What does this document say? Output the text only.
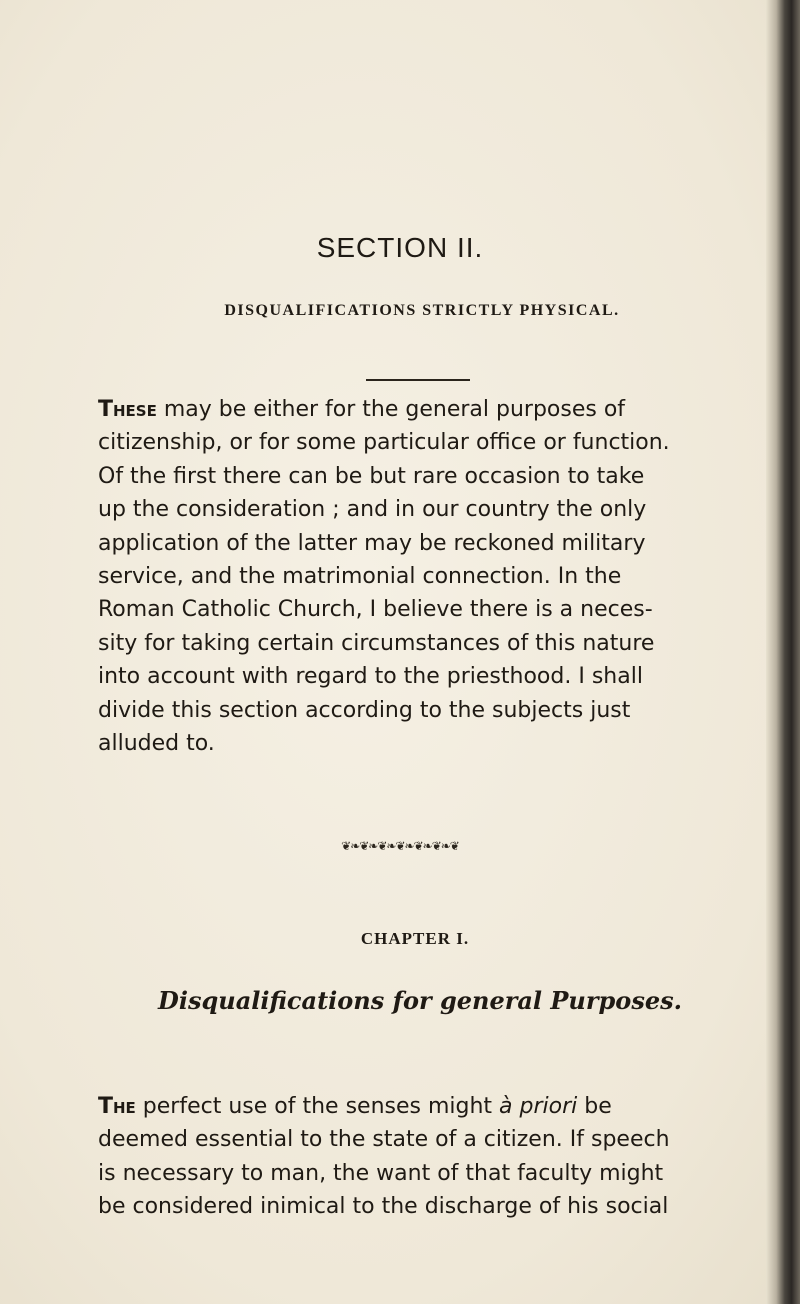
SECTION II.
DISQUALIFICATIONS STRICTLY PHYSICAL.
These may be either for the general purposes of
citizenship, or for some particular office or function.
Of the first there can be but rare occasion to take
up the consideration ; and in our country the only
application of the latter may be reckoned military
service, and the matrimonial connection. In the
Roman Catholic Church, I believe there is a neces-
sity for taking certain circumstances of this nature
into account with regard to the priesthood. I shall
divide this section according to the subjects just
alluded to.
❦❧❦❧❦❧❦❧❦❧❦❧❦
CHAPTER I.
Disqualifications for general Purposes.
The perfect use of the senses might à priori be
deemed essential to the state of a citizen. If speech
is necessary to man, the want of that faculty might
be considered inimical to the discharge of his social
